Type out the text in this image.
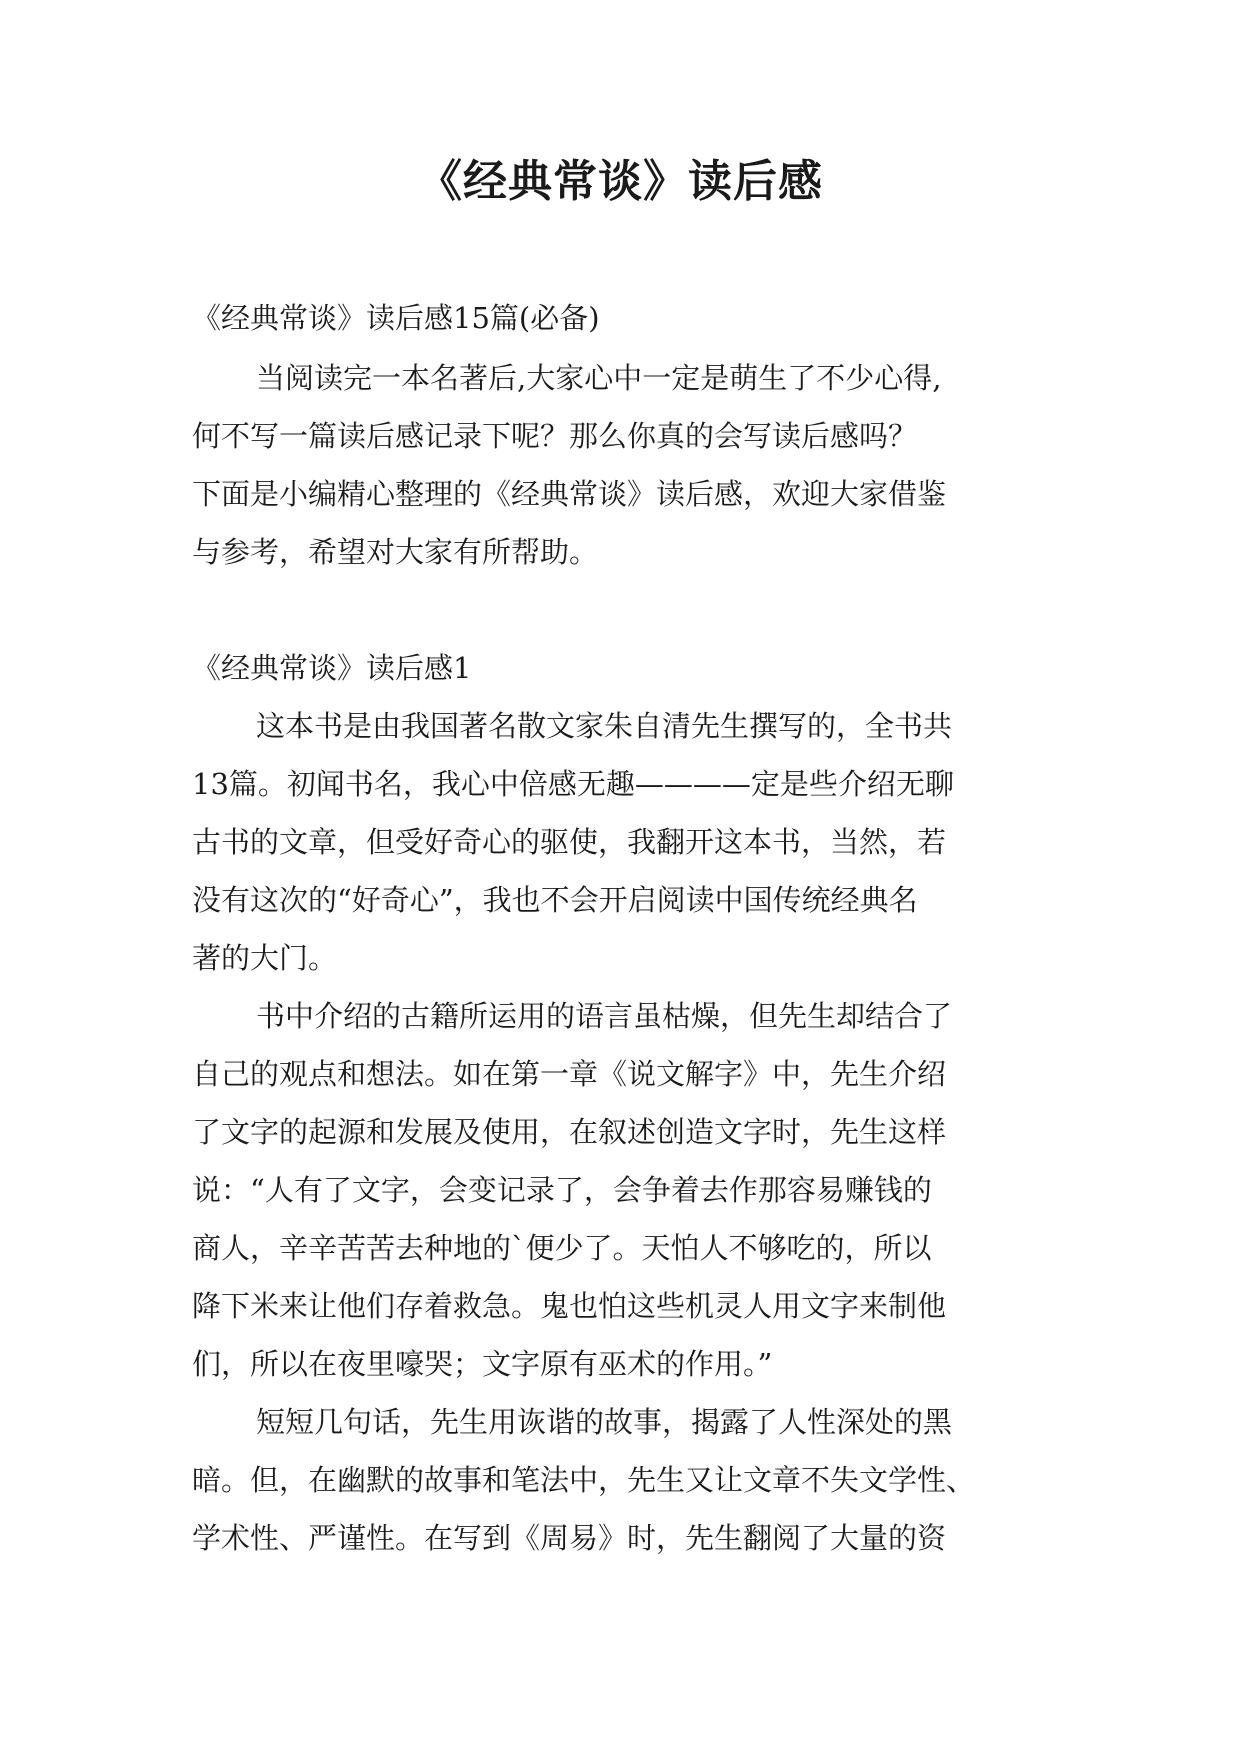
《经典常谈》读后感

《经典常谈》读后感15篇(必备)

当阅读完一本名著后,大家心中一定是萌生了不少心得,

何不写一篇读后感记录下呢？那么你真的会写读后感吗？

下面是小编精心整理的《经典常谈》读后感，欢迎大家借鉴

与参考，希望对大家有所帮助。

《经典常谈》读后感1

这本书是由我国著名散文家朱自清先生撰写的，全书共

13篇。初闻书名，我心中倍感无趣————定是些介绍无聊

古书的文章，但受好奇心的驱使，我翻开这本书，当然，若

没有这次的“好奇心”，我也不会开启阅读中国传统经典名

著的大门。

书中介绍的古籍所运用的语言虽枯燥，但先生却结合了

自己的观点和想法。如在第一章《说文解字》中，先生介绍

了文字的起源和发展及使用，在叙述创造文字时，先生这样

说：“人有了文字，会变记录了，会争着去作那容易赚钱的

商人，辛辛苦苦去种地的`便少了。天怕人不够吃的，所以

降下米来让他们存着救急。鬼也怕这些机灵人用文字来制他

们，所以在夜里嚎哭；文字原有巫术的作用。”

短短几句话，先生用诙谐的故事，揭露了人性深处的黑

暗。但，在幽默的故事和笔法中，先生又让文章不失文学性、

学术性、严谨性。在写到《周易》时，先生翻阅了大量的资
